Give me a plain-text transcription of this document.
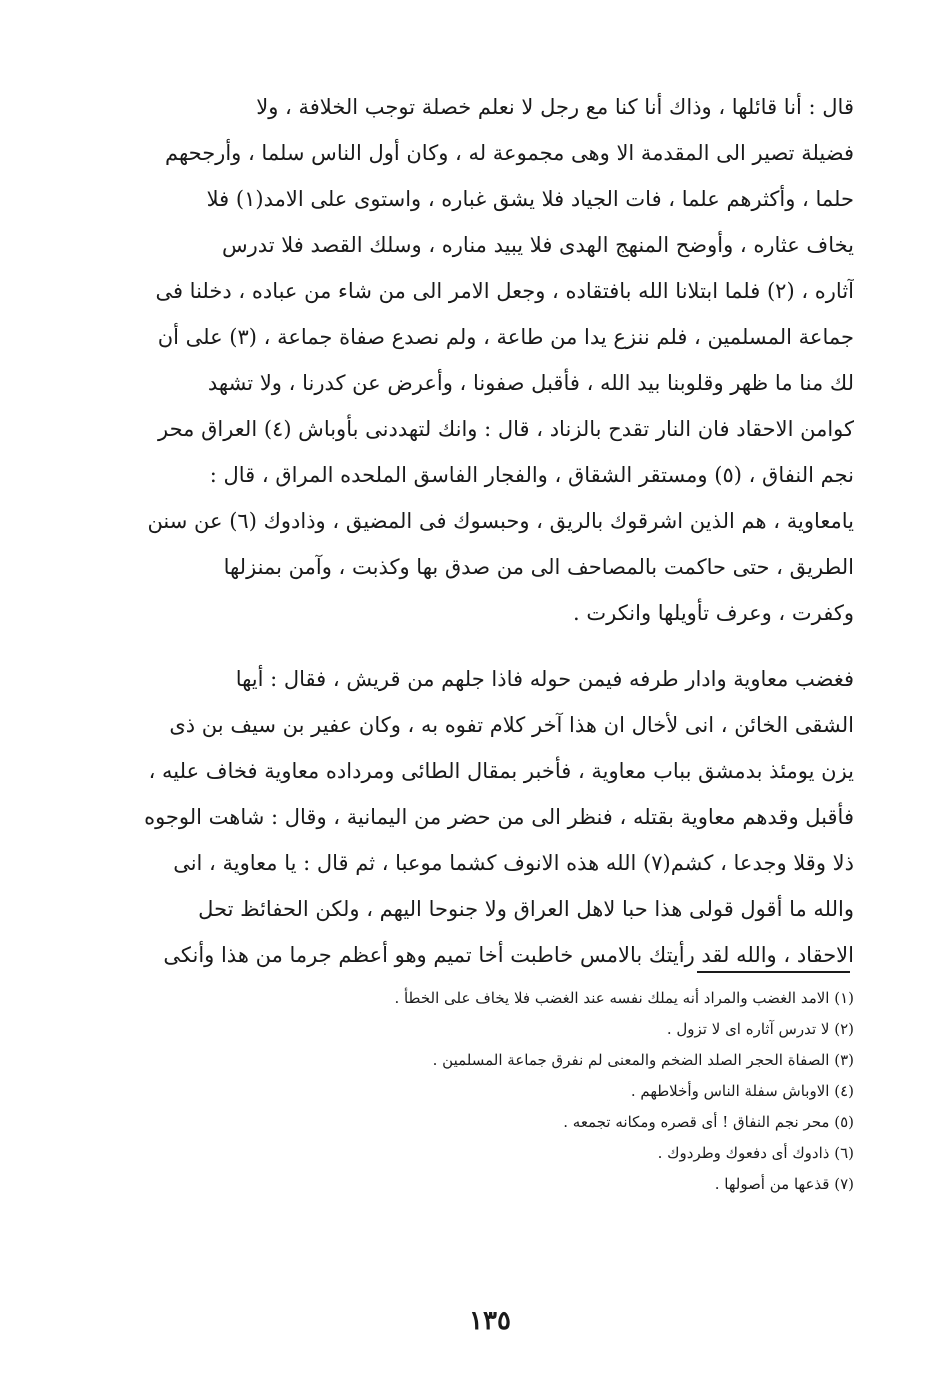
قال : أنا قائلها ، وذاك أنا كنا مع رجل لا نعلم خصلة توجب الخلافة ، ولا
فضيلة تصير الى المقدمة الا وهى مجموعة له ، وكان أول الناس سلما ، وأرجحهم
حلما ، وأكثرهم علما ، فات الجياد فلا يشق غباره ، واستوى على الامد(١) فلا
يخاف عثاره ، وأوضح المنهج الهدى فلا يبيد مناره ، وسلك القصد فلا تدرس
آثاره ، (٢) فلما ابتلانا الله بافتقاده ، وجعل الامر الى من شاء من عباده ، دخلنا فى
جماعة المسلمين ، فلم ننزع يدا من طاعة ، ولم نصدع صفاة جماعة ، (٣) على أن
لك منا ما ظهر وقلوبنا بيد الله ، فأقبل صفونا ، وأعرض عن كدرنا ، ولا تشهد
كوامن الاحقاد فان النار تقدح بالزناد ، قال : وانك لتهددنى بأوباش (٤) العراق محر
نجم النفاق ، (٥) ومستقر الشقاق ، والفجار الفاسق الملحده المراق ، قال :
يامعاوية ، هم الذين اشرقوك بالريق ، وحبسوك فى المضيق ، وذادوك (٦) عن سنن
الطريق ، حتى حاكمت بالمصاحف الى من صدق بها وكذبت ، وآمن بمنزلها
وكفرت ، وعرف تأويلها وانكرت .
فغضب معاوية وادار طرفه فيمن حوله فاذا جلهم من قريش ، فقال : أيها
الشقى الخائن ، انى لأخال ان هذا آخر كلام تفوه به ، وكان عفير بن سيف بن ذى
يزن يومئذ بدمشق بباب معاوية ، فأخبر بمقال الطائى ومرداده معاوية فخاف عليه ،
فأقبل وقدهم معاوية بقتله ، فنظر الى من حضر من اليمانية ، وقال : شاهت الوجوه
ذلا وقلا وجدعا ، كشم(٧) الله هذه الانوف كشما موعبا ، ثم قال : يا معاوية ، انى
والله ما أقول قولى هذا حبا لاهل العراق ولا جنوحا اليهم ، ولكن الحفائظ تحل
الاحقاد ، والله لقد رأيتك بالامس خاطبت أخا تميم وهو أعظم جرما من هذا وأنكى
(١) الامد الغضب والمراد أنه يملك نفسه عند الغضب فلا يخاف على الخطأ .
(٢) لا تدرس آثاره اى لا تزول .
(٣) الصفاة الحجر الصلد الضخم والمعنى لم نفرق جماعة المسلمين .
(٤) الاوباش سفلة الناس وأخلاطهم .
(٥) محر نجم النفاق ! أى قصره ومكانه تجمعه .
(٦) ذادوك أى دفعوك وطردوك .
(٧) قذعها من أصولها .
١٣٥
